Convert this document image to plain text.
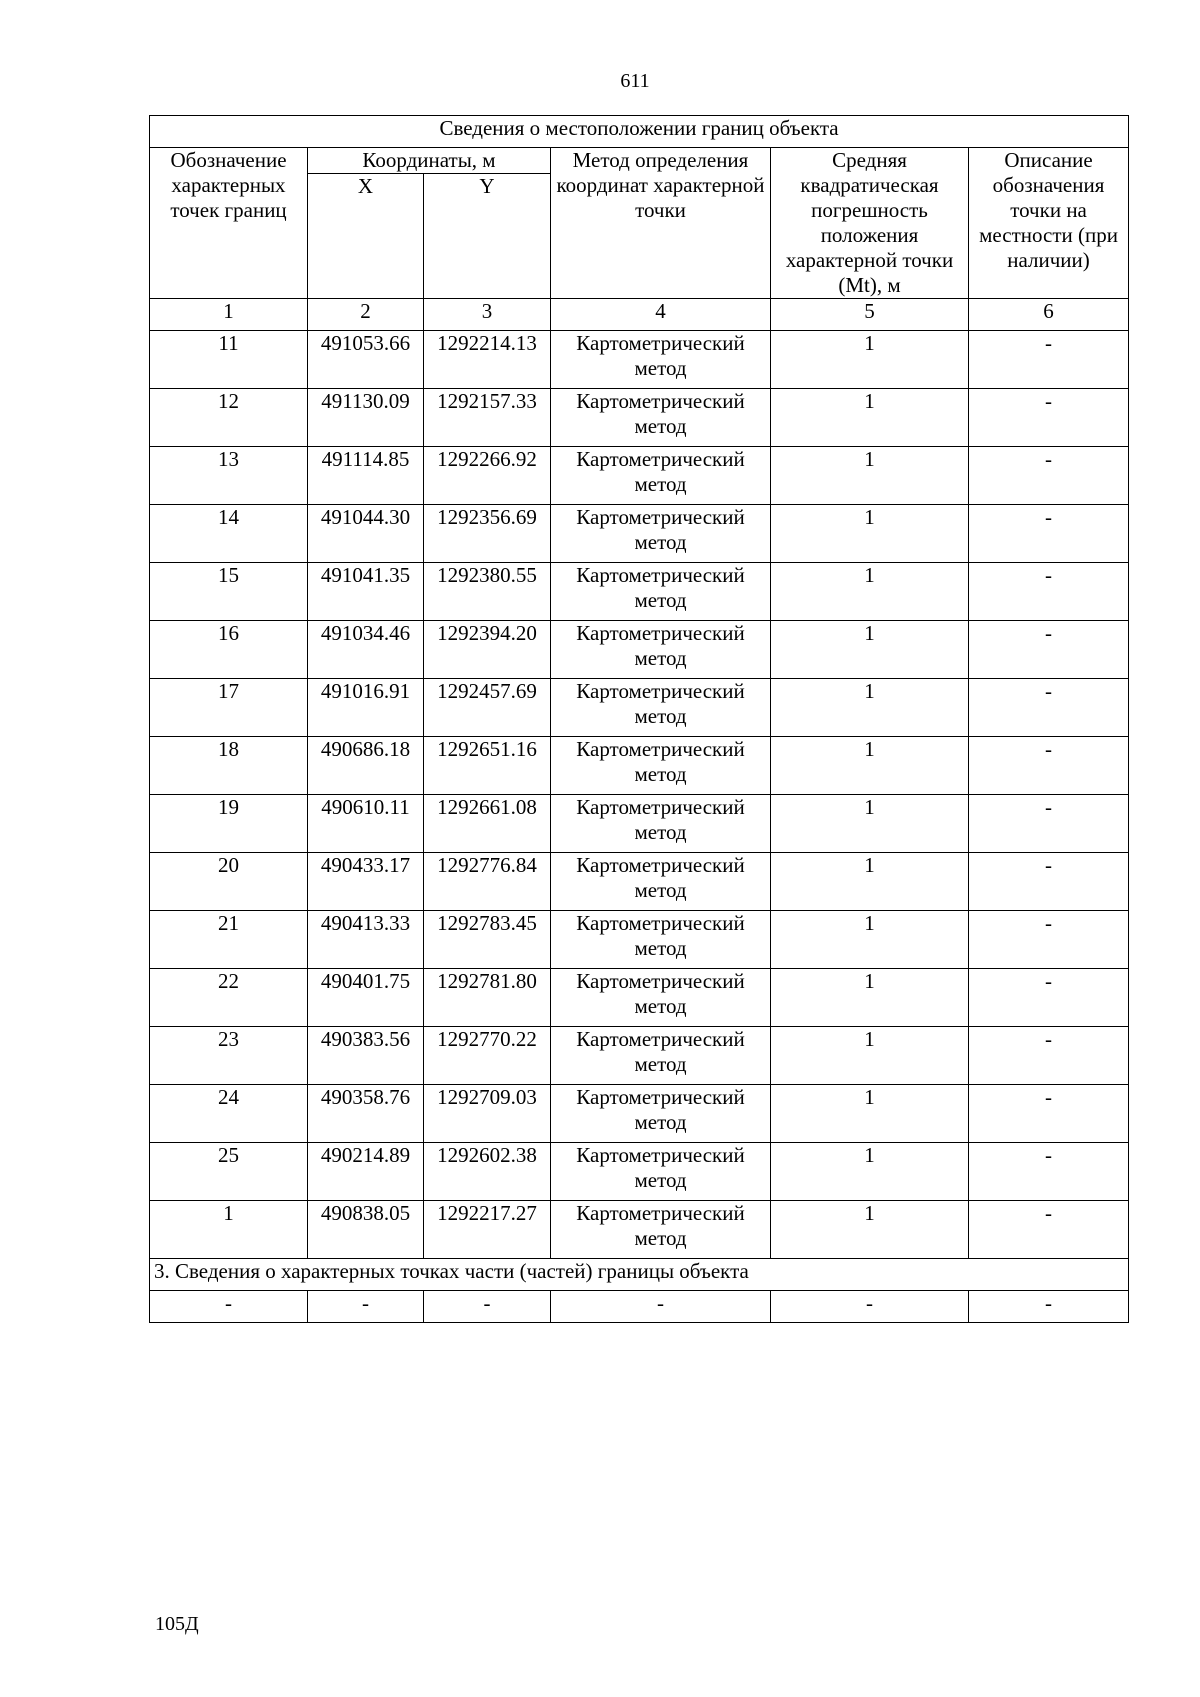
611
Сведения о местоположении границ объекта					
Обозначение характерных точек границ	Координаты, м		Метод определения координат характерной точки	Средняя квадратическая погрешность положения характерной точки (Mt), м	Описание обозначения точки на местности (при наличии)
	X	Y			
1	2	3	4	5	6
11	491053.66	1292214.13	Картометрический метод	1	-
12	491130.09	1292157.33	Картометрический метод	1	-
13	491114.85	1292266.92	Картометрический метод	1	-
14	491044.30	1292356.69	Картометрический метод	1	-
15	491041.35	1292380.55	Картометрический метод	1	-
16	491034.46	1292394.20	Картометрический метод	1	-
17	491016.91	1292457.69	Картометрический метод	1	-
18	490686.18	1292651.16	Картометрический метод	1	-
19	490610.11	1292661.08	Картометрический метод	1	-
20	490433.17	1292776.84	Картометрический метод	1	-
21	490413.33	1292783.45	Картометрический метод	1	-
22	490401.75	1292781.80	Картометрический метод	1	-
23	490383.56	1292770.22	Картометрический метод	1	-
24	490358.76	1292709.03	Картометрический метод	1	-
25	490214.89	1292602.38	Картометрический метод	1	-
1	490838.05	1292217.27	Картометрический метод	1	-
3. Сведения о характерных точках части (частей) границы объекта					
-	-	-	-	-	-
105Д
